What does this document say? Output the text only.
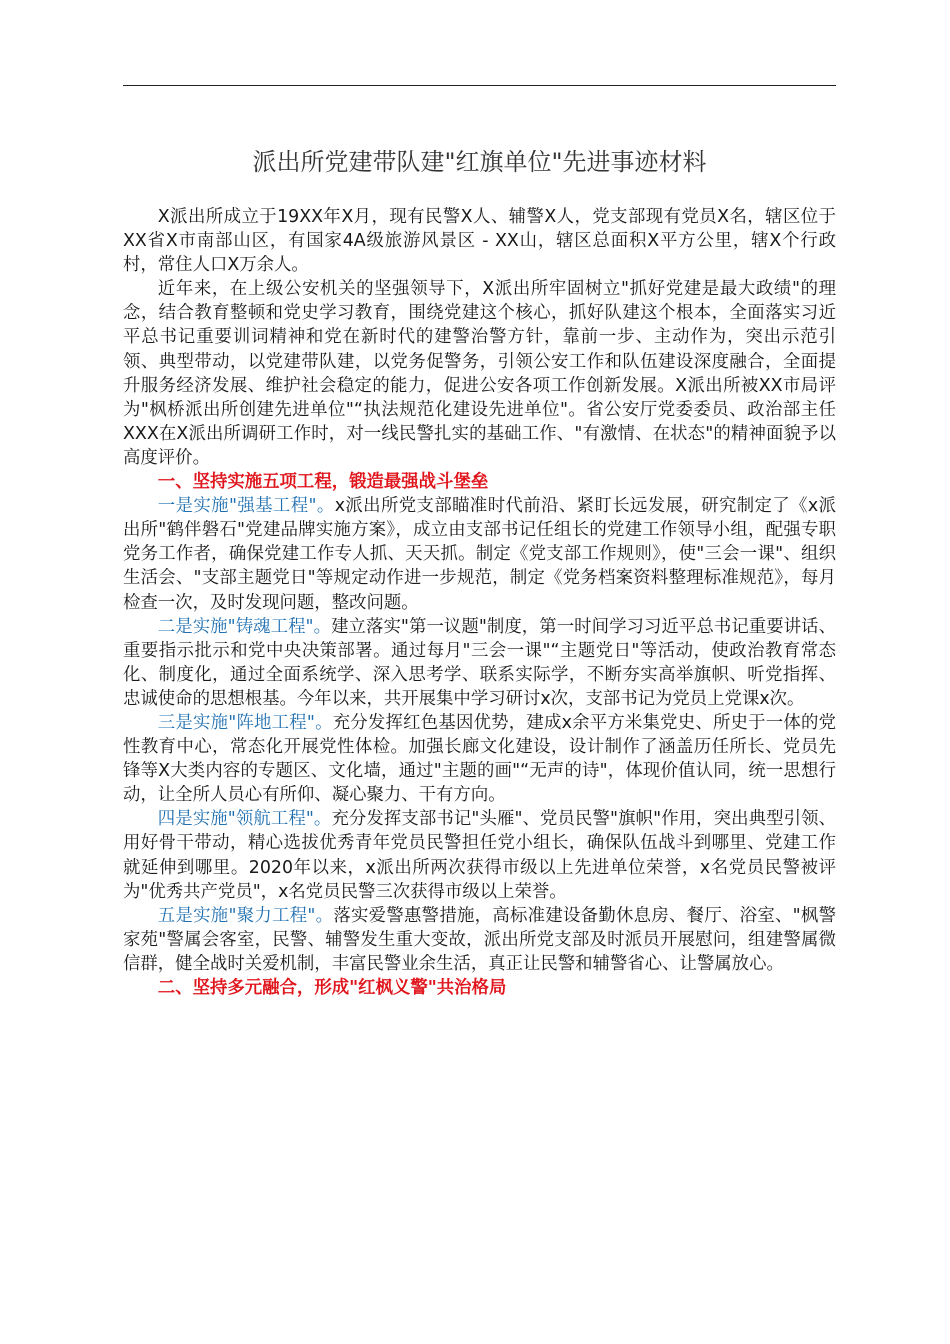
派出所党建带队建"红旗单位"先进事迹材料

X派出所成立于19XX年X月，现有民警X人、辅警X人，党支部现有党员X名，辖区位于XX省X市南部山区，有国家4A级旅游风景区 - XX山，辖区总面积X平方公里，辖X个行政村，常住人口X万余人。

近年来，在上级公安机关的坚强领导下，X派出所牢固树立"抓好党建是最大政绩"的理念，结合教育整顿和党史学习教育，围绕党建这个核心，抓好队建这个根本，全面落实习近平总书记重要训词精神和党在新时代的建警治警方针，靠前一步、主动作为，突出示范引领、典型带动，以党建带队建，以党务促警务，引领公安工作和队伍建设深度融合，全面提升服务经济发展、维护社会稳定的能力，促进公安各项工作创新发展。X派出所被XX市局评为"枫桥派出所创建先进单位"“执法规范化建设先进单位"。省公安厅党委委员、政治部主任XXX在X派出所调研工作时，对一线民警扎实的基础工作、"有激情、在状态"的精神面貌予以高度评价。

一、坚持实施五项工程，锻造最强战斗堡垒

一是实施"强基工程"。x派出所党支部瞄准时代前沿、紧盯长远发展，研究制定了《x派出所"鹤伴磐石"党建品牌实施方案》，成立由支部书记任组长的党建工作领导小组，配强专职党务工作者，确保党建工作专人抓、天天抓。制定《党支部工作规则》，使"三会一课"、组织生活会、"支部主题党日"等规定动作进一步规范，制定《党务档案资料整理标准规范》，每月检查一次，及时发现问题，整改问题。

二是实施"铸魂工程"。建立落实"第一议题"制度，第一时间学习习近平总书记重要讲话、重要指示批示和党中央决策部署。通过每月"三会一课"“主题党日"等活动，使政治教育常态化、制度化，通过全面系统学、深入思考学、联系实际学，不断夯实高举旗帜、听党指挥、忠诚使命的思想根基。今年以来，共开展集中学习研讨x次，支部书记为党员上党课x次。

三是实施"阵地工程"。充分发挥红色基因优势，建成x余平方米集党史、所史于一体的党性教育中心，常态化开展党性体检。加强长廊文化建设，设计制作了涵盖历任所长、党员先锋等X大类内容的专题区、文化墙，通过"主题的画"“无声的诗"，体现价值认同，统一思想行动，让全所人员心有所仰、凝心聚力、干有方向。

四是实施"领航工程"。充分发挥支部书记"头雁"、党员民警"旗帜"作用，突出典型引领、用好骨干带动，精心选拔优秀青年党员民警担任党小组长，确保队伍战斗到哪里、党建工作就延伸到哪里。2020年以来，x派出所两次获得市级以上先进单位荣誉，x名党员民警被评为"优秀共产党员"，x名党员民警三次获得市级以上荣誉。

五是实施"聚力工程"。落实爱警惠警措施，高标准建设备勤休息房、餐厅、浴室、"枫警家苑"警属会客室，民警、辅警发生重大变故，派出所党支部及时派员开展慰问，组建警属微信群，健全战时关爱机制，丰富民警业余生活，真正让民警和辅警省心、让警属放心。

二、坚持多元融合，形成"红枫义警"共治格局
